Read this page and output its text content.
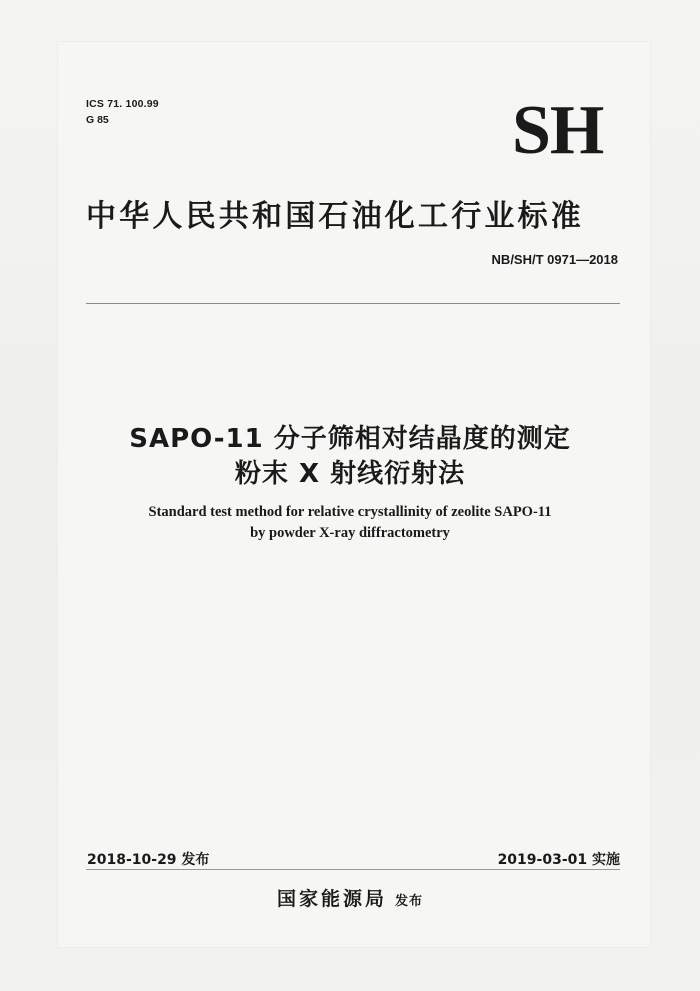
ICS 71. 100.99
G 85	SH
中华人民共和国石油化工行业标准
NB/SH/T 0971—2018
SAPO-11 分子筛相对结晶度的测定
粉末 X 射线衍射法
Standard test method for relative crystallinity of zeolite SAPO-11
by powder X-ray diffractometry
2018-10-29 发布	2019-03-01 实施
国家能源局 发布
